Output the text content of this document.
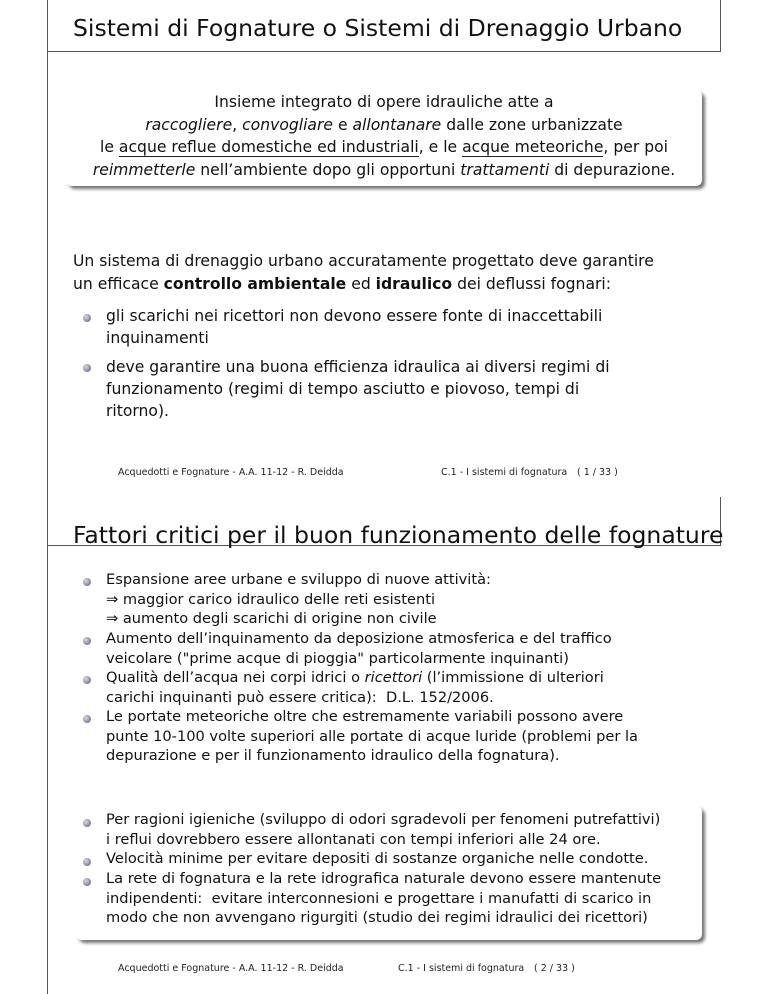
Sistemi di Fognature o Sistemi di Drenaggio Urbano
Insieme integrato di opere idrauliche atte a
raccogliere, convogliare e allontanare dalle zone urbanizzate
le acque reflue domestiche ed industriali, e le acque meteoriche, per poi
reimmetterle nell’ambiente dopo gli opportuni trattamenti di depurazione.
Un sistema di drenaggio urbano accuratamente progettato deve garantire
un efficace controllo ambientale ed idraulico dei deflussi fognari:
gli scarichi nei ricettori non devono essere fonte di inaccettabili
inquinamenti
deve garantire una buona efficienza idraulica ai diversi regimi di
funzionamento (regimi di tempo asciutto e piovoso, tempi di
ritorno).
Acquedotti e Fognature - A.A. 11-12 - R. Deidda	C.1 - I sistemi di fognatura ( 1 / 33 )
Fattori critici per il buon funzionamento delle fognature
Espansione aree urbane e sviluppo di nuove attività:
⇒ maggior carico idraulico delle reti esistenti
⇒ aumento degli scarichi di origine non civile
Aumento dell’inquinamento da deposizione atmosferica e del traffico
veicolare ("prime acque di pioggia" particolarmente inquinanti)
Qualità dell’acqua nei corpi idrici o ricettori (l’immissione di ulteriori
carichi inquinanti può essere critica):  D.L. 152/2006.
Le portate meteoriche oltre che estremamente variabili possono avere
punte 10-100 volte superiori alle portate di acque luride (problemi per la
depurazione e per il funzionamento idraulico della fognatura).
Per ragioni igieniche (sviluppo di odori sgradevoli per fenomeni putrefattivi)
i reflui dovrebbero essere allontanati con tempi inferiori alle 24 ore.
Velocità minime per evitare depositi di sostanze organiche nelle condotte.
La rete di fognatura e la rete idrografica naturale devono essere mantenute
indipendenti:  evitare interconnesioni e progettare i manufatti di scarico in
modo che non avvengano rigurgiti (studio dei regimi idraulici dei ricettori)
Acquedotti e Fognature - A.A. 11-12 - R. Deidda	C.1 - I sistemi di fognatura ( 2 / 33 )
